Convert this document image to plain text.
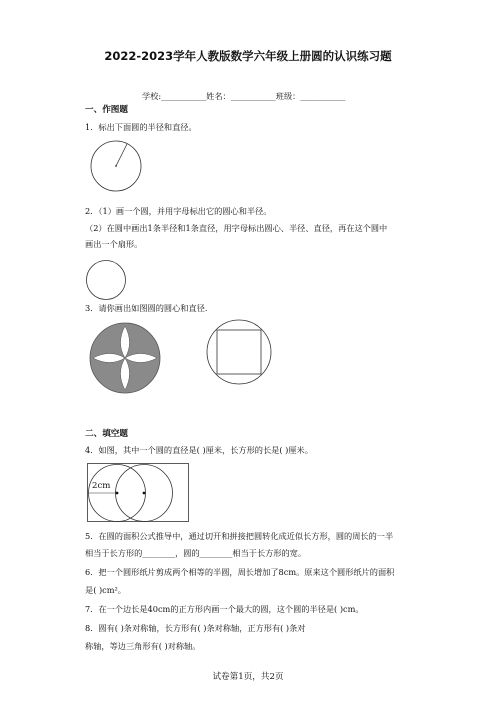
2022-2023学年人教版数学六年级上册圆的认识练习题
学校:___________姓名：___________班级：___________
一、作图题
1．标出下面圆的半径和直径。
2．（1）画一个圆，并用字母标出它的圆心和半径。
（2）在圆中画出1条半径和1条直径，用字母标出圆心、半径、直径，再在这个圆中
画出一个扇形。
3．请你画出如图圆的圆心和直径.
二、填空题
4．如图，其中一个圆的直径是( )厘米，长方形的长是( )厘米。
2cm
5．在圆的面积公式推导中，通过切开和拼接把圆转化成近似长方形，圆的周长的一半
相当于长方形的________，圆的________相当于长方形的宽。
6．把一个圆形纸片剪成两个相等的半圆，周长增加了8cm。原来这个圆形纸片的面积
是( )cm²。
7．在一个边长是40cm的正方形内画一个最大的圆，这个圆的半径是( )cm。
8．圆有( )条对称轴，长方形有( )条对称轴，正方形有( )条对
称轴，等边三角形有( )对称轴。
试卷第1页，共2页
